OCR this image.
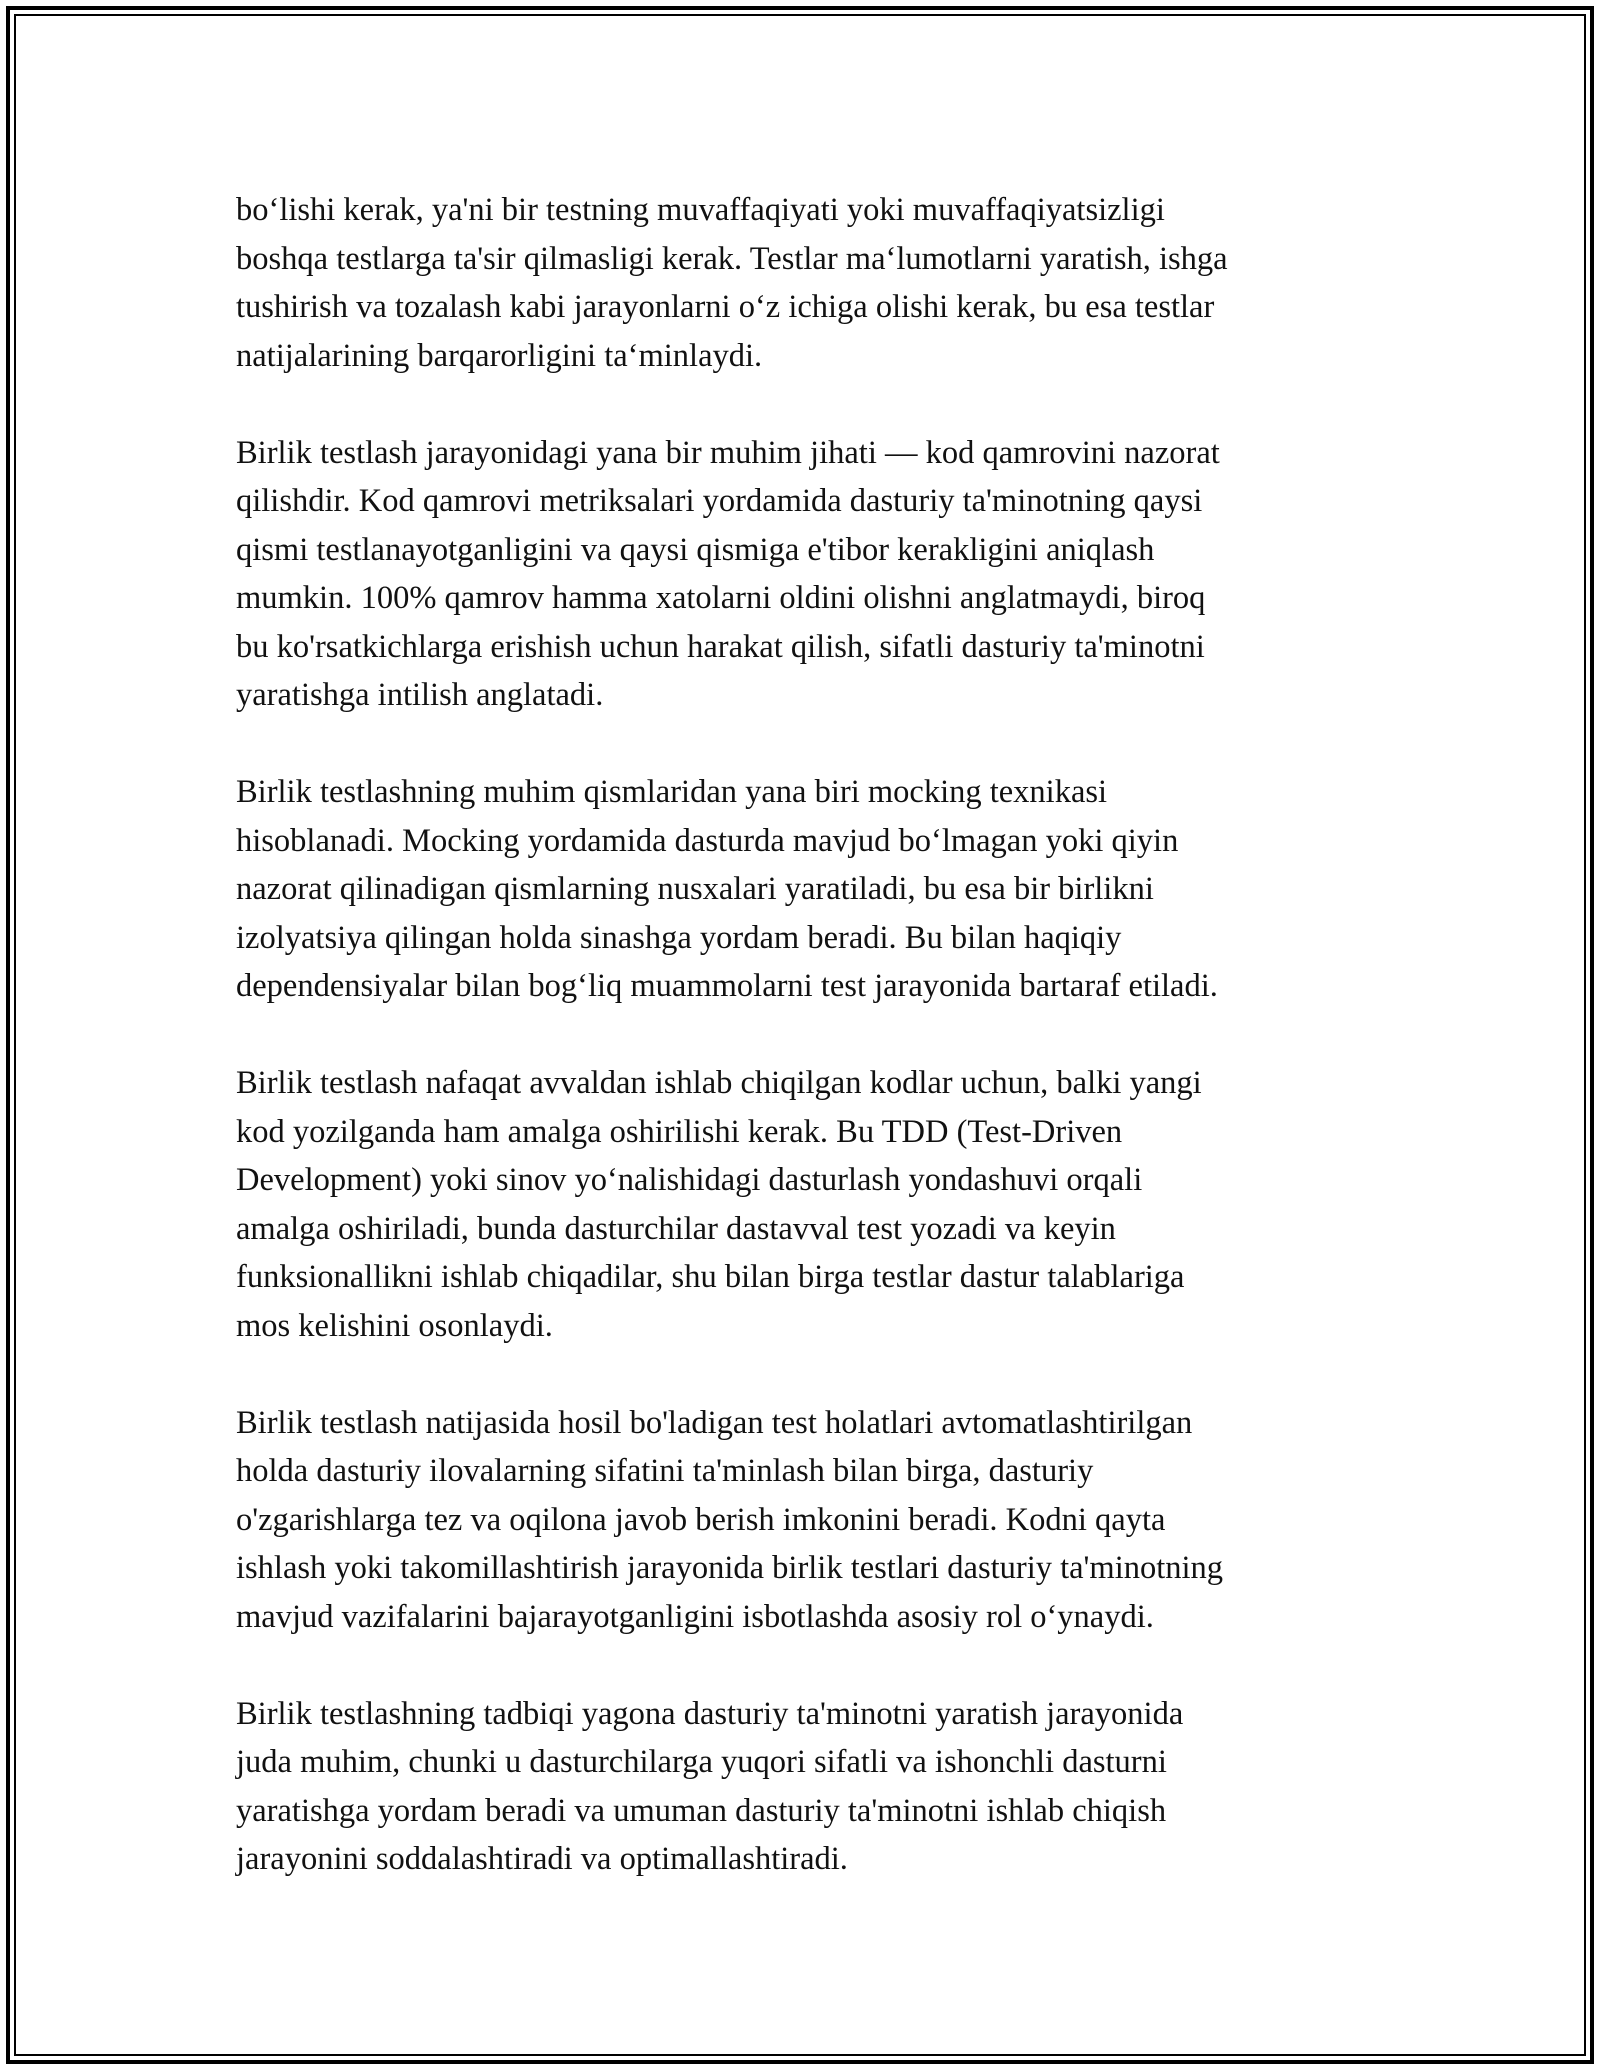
bo‘lishi kerak, ya'ni bir testning muvaffaqiyati yoki muvaffaqiyatsizligi
boshqa testlarga ta'sir qilmasligi kerak. Testlar ma‘lumotlarni yaratish, ishga
tushirish va tozalash kabi jarayonlarni o‘z ichiga olishi kerak, bu esa testlar
natijalarining barqarorligini ta‘minlaydi.

Birlik testlash jarayonidagi yana bir muhim jihati — kod qamrovini nazorat
qilishdir. Kod qamrovi metriksalari yordamida dasturiy ta'minotning qaysi
qismi testlanayotganligini va qaysi qismiga e'tibor kerakligini aniqlash
mumkin. 100% qamrov hamma xatolarni oldini olishni anglatmaydi, biroq
bu ko'rsatkichlarga erishish uchun harakat qilish, sifatli dasturiy ta'minotni
yaratishga intilish anglatadi.

Birlik testlashning muhim qismlaridan yana biri mocking texnikasi
hisoblanadi. Mocking yordamida dasturda mavjud bo‘lmagan yoki qiyin
nazorat qilinadigan qismlarning nusxalari yaratiladi, bu esa bir birlikni
izolyatsiya qilingan holda sinashga yordam beradi. Bu bilan haqiqiy
dependensiyalar bilan bog‘liq muammolarni test jarayonida bartaraf etiladi.

Birlik testlash nafaqat avvaldan ishlab chiqilgan kodlar uchun, balki yangi
kod yozilganda ham amalga oshirilishi kerak. Bu TDD (Test-Driven
Development) yoki sinov yo‘nalishidagi dasturlash yondashuvi orqali
amalga oshiriladi, bunda dasturchilar dastavval test yozadi va keyin
funksionallikni ishlab chiqadilar, shu bilan birga testlar dastur talablariga
mos kelishini osonlaydi.

Birlik testlash natijasida hosil bo'ladigan test holatlari avtomatlashtirilgan
holda dasturiy ilovalarning sifatini ta'minlash bilan birga, dasturiy
o'zgarishlarga tez va oqilona javob berish imkonini beradi. Kodni qayta
ishlash yoki takomillashtirish jarayonida birlik testlari dasturiy ta'minotning
mavjud vazifalarini bajarayotganligini isbotlashda asosiy rol o‘ynaydi.

Birlik testlashning tadbiqi yagona dasturiy ta'minotni yaratish jarayonida
juda muhim, chunki u dasturchilarga yuqori sifatli va ishonchli dasturni
yaratishga yordam beradi va umuman dasturiy ta'minotni ishlab chiqish
jarayonini soddalashtiradi va optimallashtiradi.
